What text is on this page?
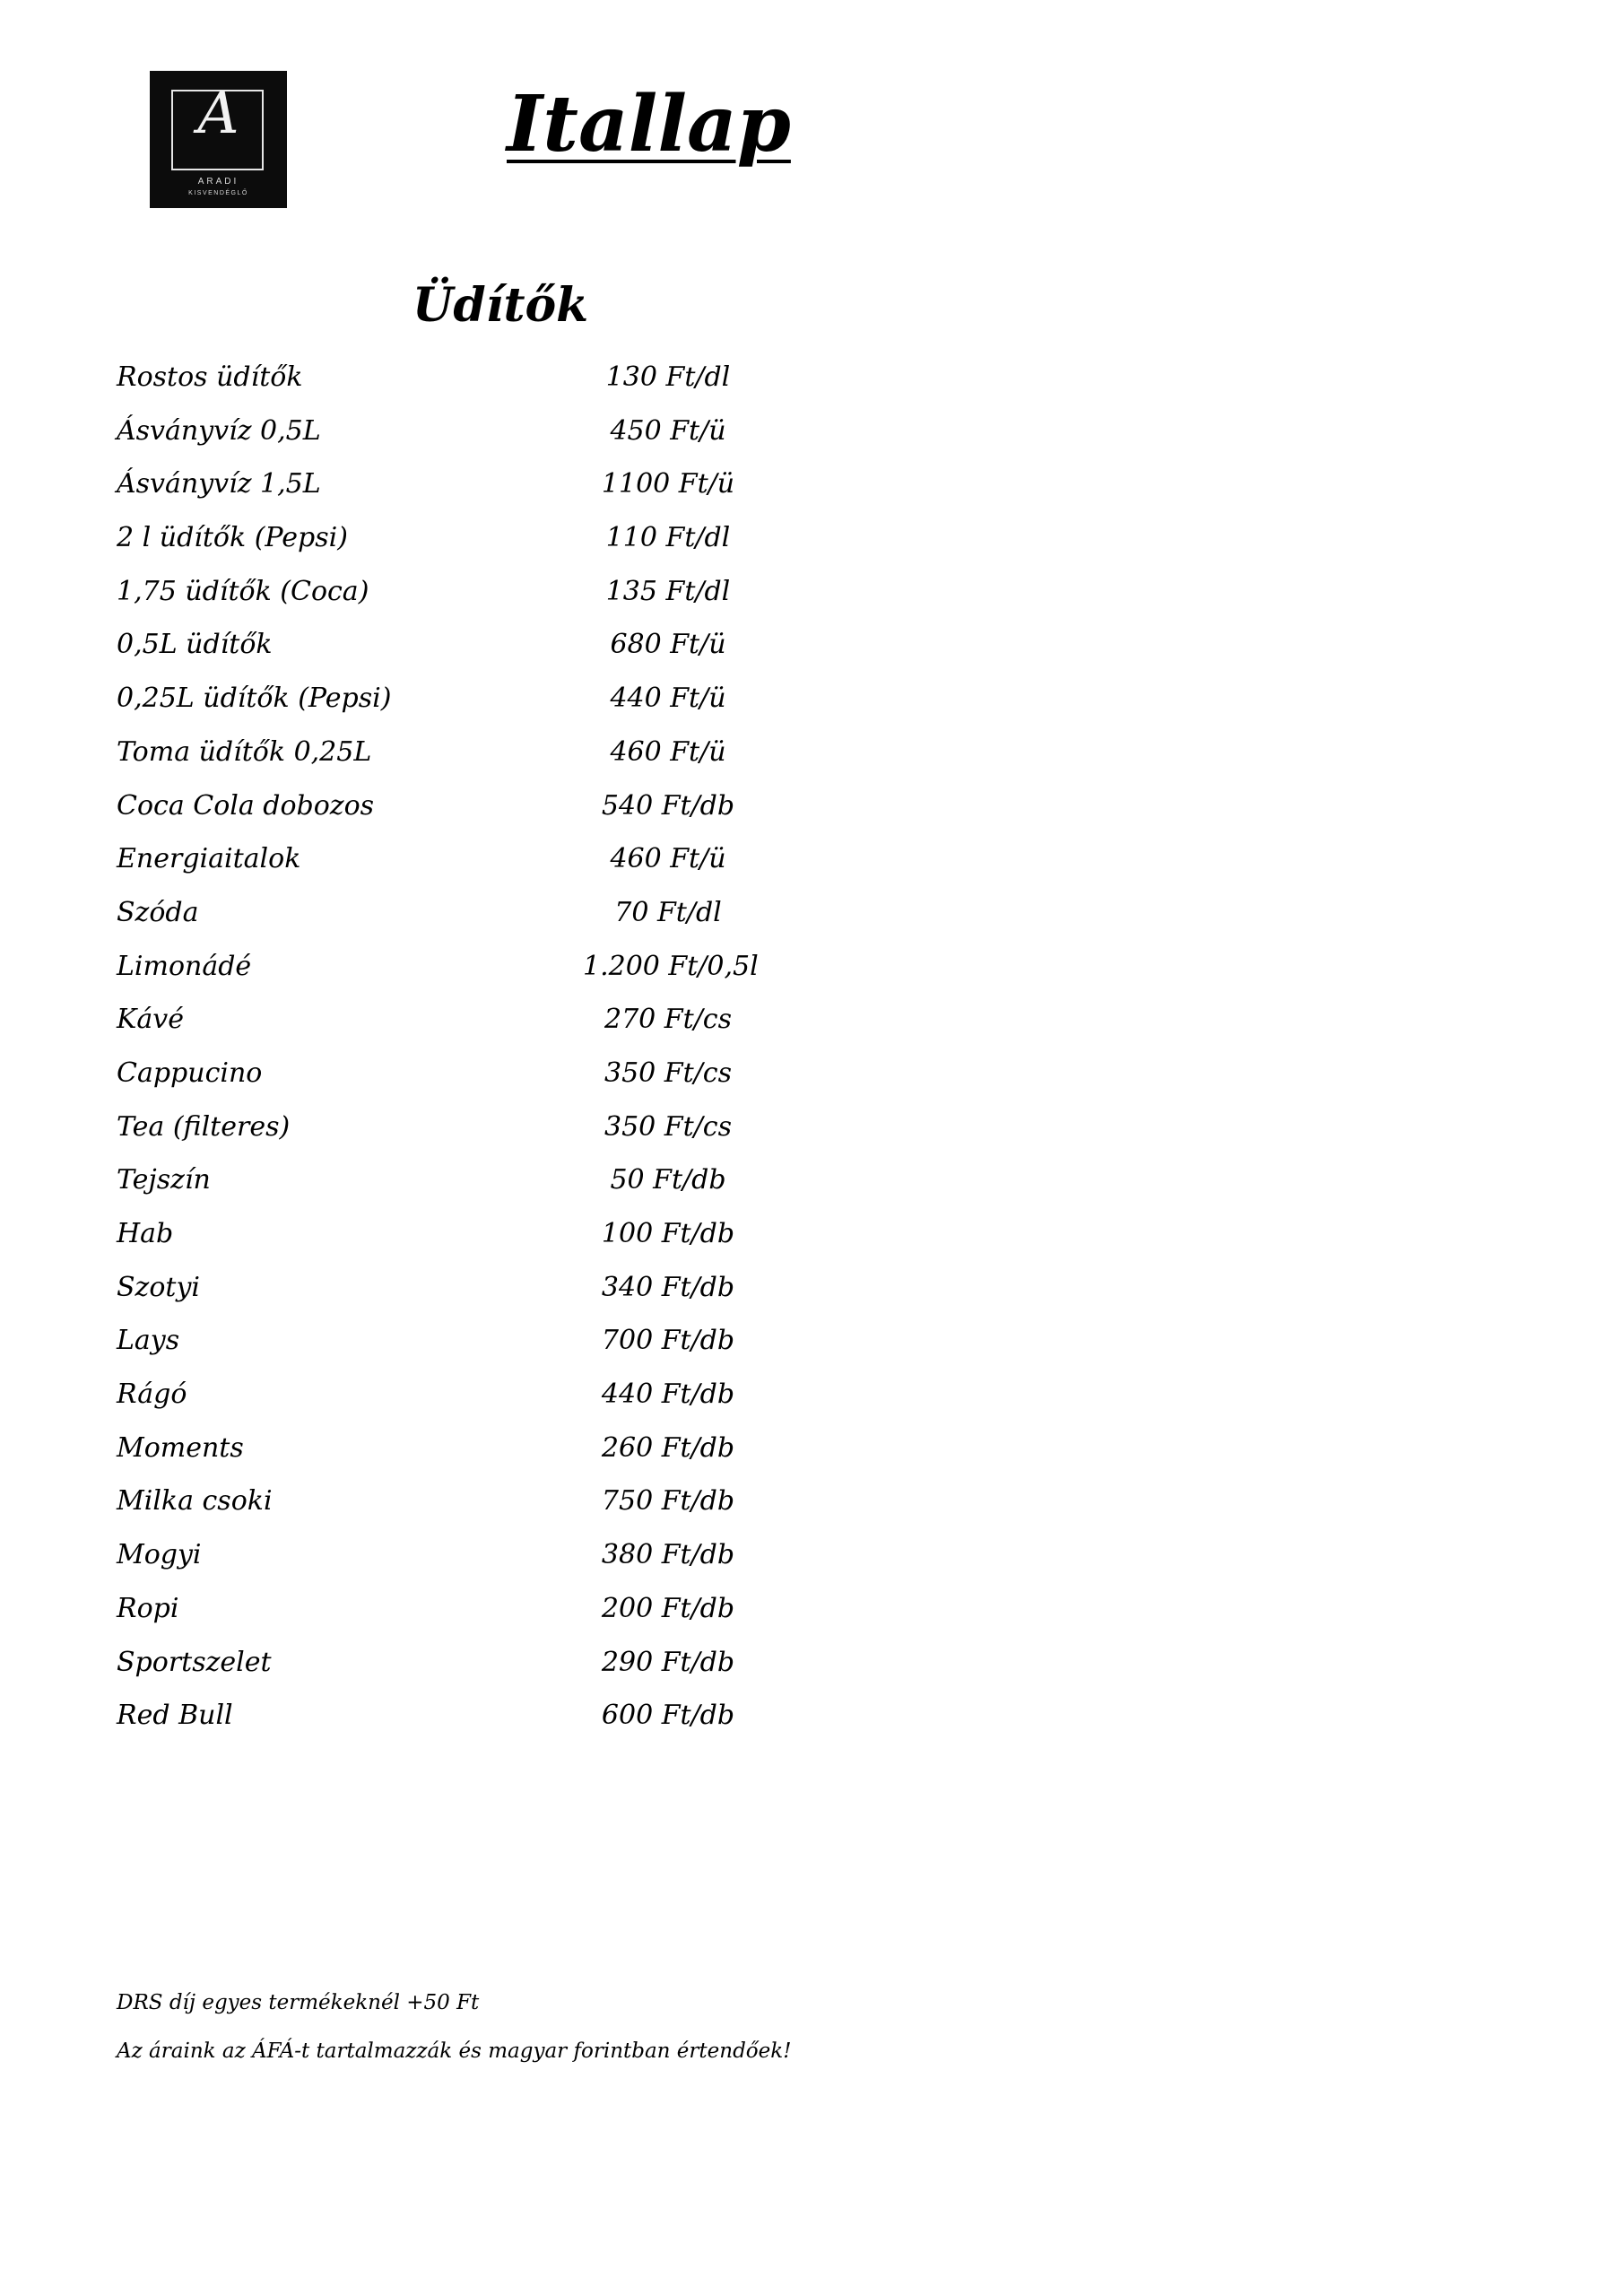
A
ARADI
KISVENDÉGLŐ
Itallap
Üdítők
Rostos üdítők	130 Ft/dl
Ásványvíz 0,5L	450 Ft/ü
Ásványvíz 1,5L	1100 Ft/ü
2 l üdítők (Pepsi)	110 Ft/dl
1,75 üdítők (Coca)	135 Ft/dl
0,5L üdítők	680 Ft/ü
0,25L üdítők (Pepsi)	440 Ft/ü
Toma üdítők 0,25L	460 Ft/ü
Coca Cola dobozos	540 Ft/db
Energiaitalok	460 Ft/ü
Szóda	70 Ft/dl
Limonádé	1.200 Ft/0,5l
Kávé	270 Ft/cs
Cappucino	350 Ft/cs
Tea (filteres)	350 Ft/cs
Tejszín	50 Ft/db
Hab	100 Ft/db
Szotyi	340 Ft/db
Lays	700 Ft/db
Rágó	440 Ft/db
Moments	260 Ft/db
Milka csoki	750 Ft/db
Mogyi	380 Ft/db
Ropi	200 Ft/db
Sportszelet	290 Ft/db
Red Bull	600 Ft/db
DRS díj egyes termékeknél +50 Ft
Az áraink az ÁFÁ-t tartalmazzák és magyar forintban értendőek!
